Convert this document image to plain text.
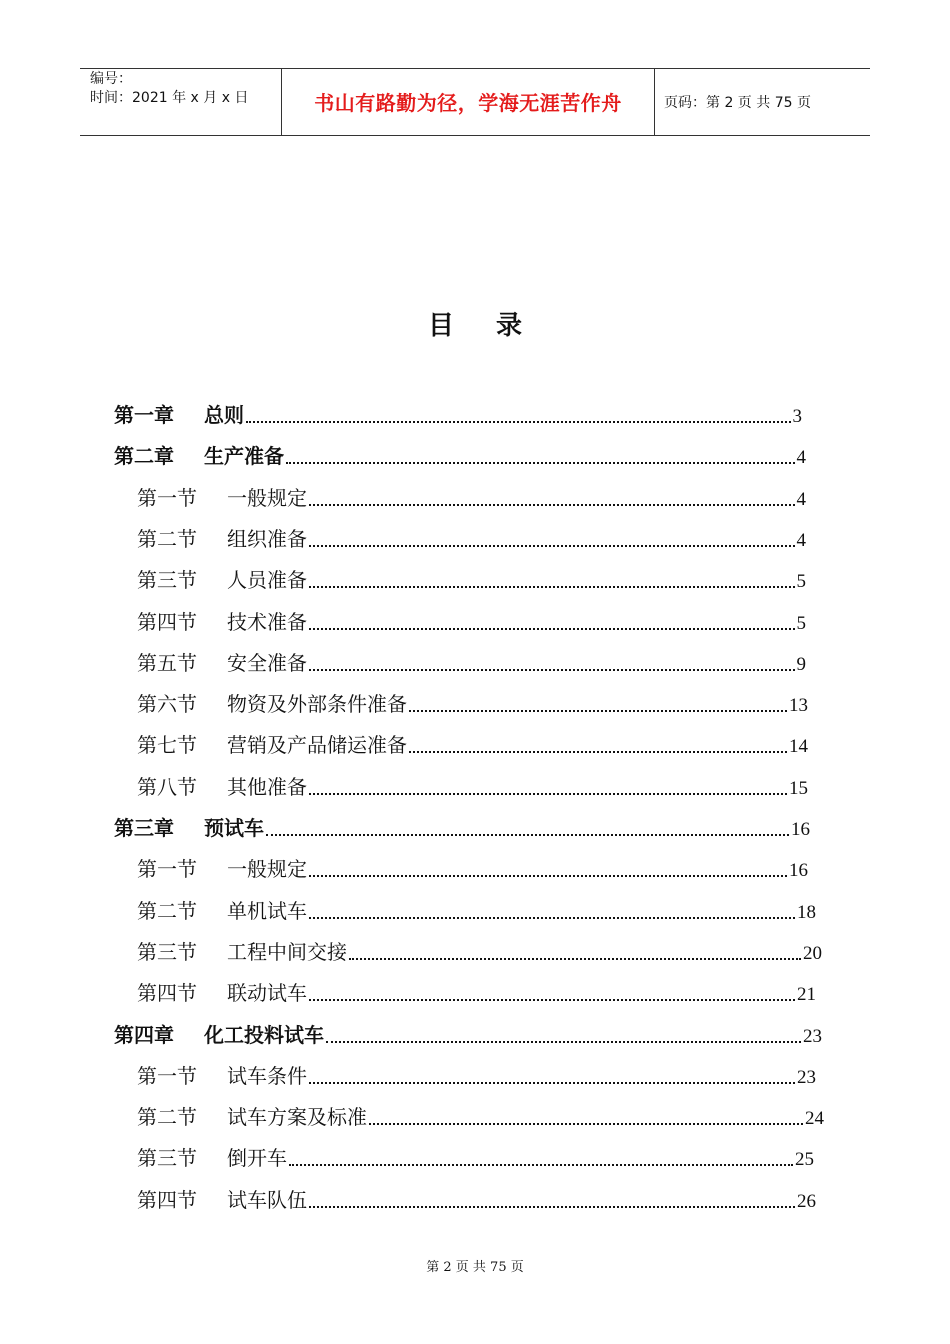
编号：
时间：2021 年 x 月 x 日	书山有路勤为径，学海无涯苦作舟	页码：第 2 页 共 75 页
目录
第一章	总则	3
第二章	生产准备	4
第一节	一般规定	4
第二节	组织准备	4
第三节	人员准备	5
第四节	技术准备	5
第五节	安全准备	9
第六节	物资及外部条件准备	13
第七节	营销及产品储运准备	14
第八节	其他准备	15
第三章	预试车	16
第一节	一般规定	16
第二节	单机试车	18
第三节	工程中间交接	20
第四节	联动试车	21
第四章	化工投料试车	23
第一节	试车条件	23
第二节	试车方案及标准	24
第三节	倒开车	25
第四节	试车队伍	26
第 2 页 共 75 页
